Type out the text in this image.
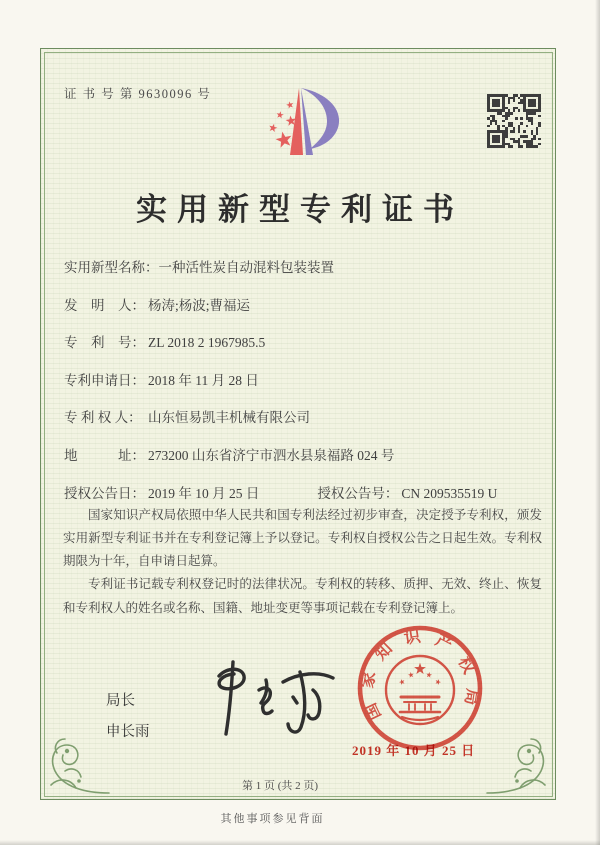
证 书 号 第 9630096 号
实用新型专利证书
实用新型名称：一种活性炭自动混料包装装置
发　明　人： 杨涛;杨波;曹福运
专　利　号： ZL 2018 2 1967985.5
专利申请日： 2018 年 11 月 28 日
专 利 权 人： 山东恒易凯丰机械有限公司
地　　　址： 273200 山东省济宁市泗水县泉福路 024 号
授权公告日： 2019 年 10 月 25 日	授权公告号： CN 209535519 U

国家知识产权局依照中华人民共和国专利法经过初步审查，决定授予专利权，颁发实用新型专利证书并在专利登记簿上予以登记。专利权自授权公告之日起生效。专利权期限为十年，自申请日起算。

专利证书记载专利权登记时的法律状况。专利权的转移、质押、无效、终止、恢复和专利权人的姓名或名称、国籍、地址变更等事项记载在专利登记簿上。

局长
申长雨
国家知识产权局
2019 年 10 月 25 日
第 1 页 (共 2 页)
其他事项参见背面
